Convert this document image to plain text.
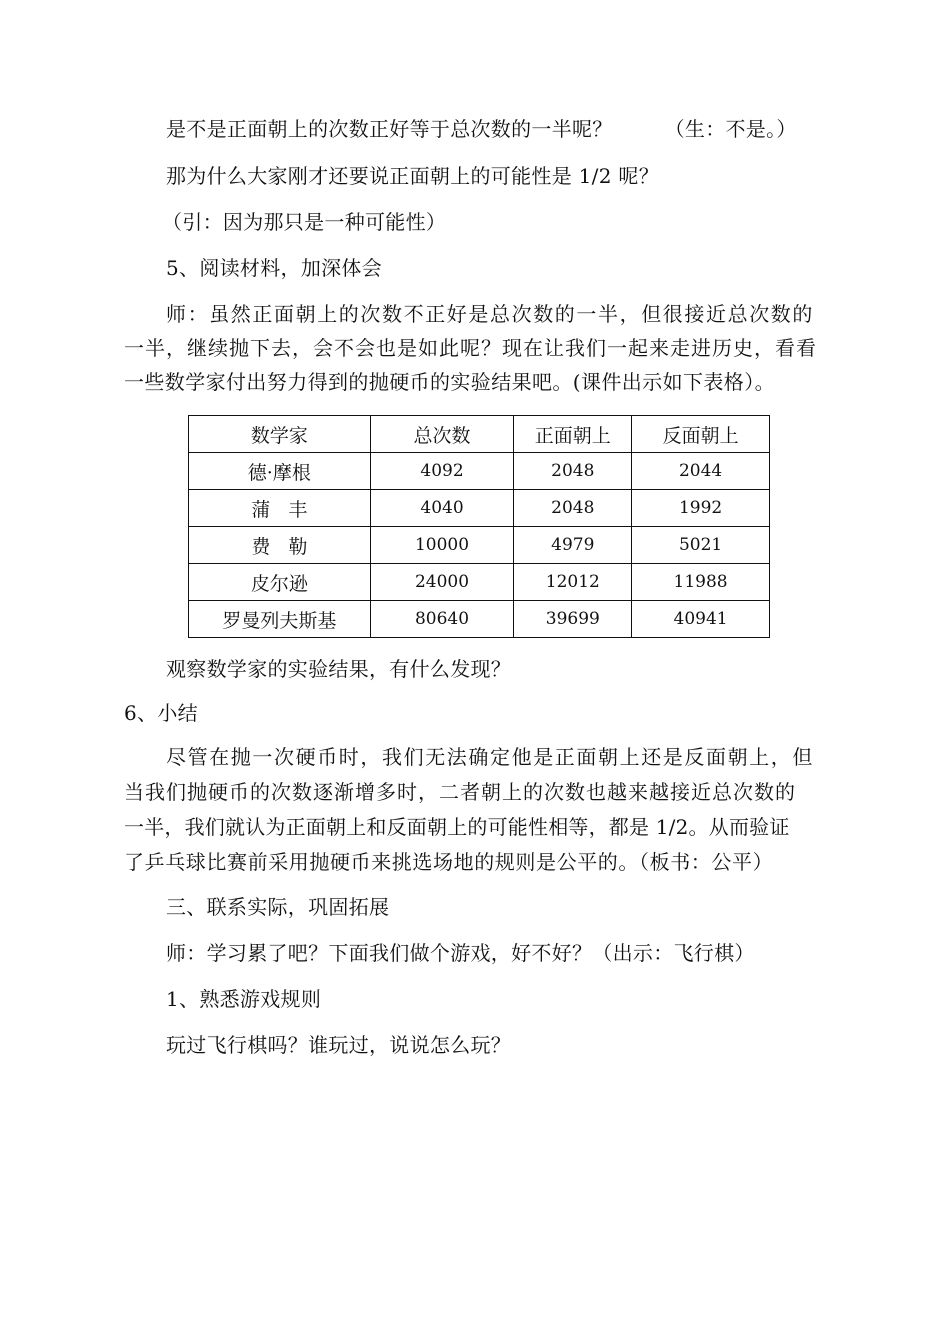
是不是正面朝上的次数正好等于总次数的一半呢？	（生：不是。）
那为什么大家刚才还要说正面朝上的可能性是 1/2 呢？
（引：因为那只是一种可能性）
5、阅读材料，加深体会
师：虽然正面朝上的次数不正好是总次数的一半，但很接近总次数的
一半，继续抛下去，会不会也是如此呢？现在让我们一起来走进历史，看看
一些数学家付出努力得到的抛硬币的实验结果吧。(课件出示如下表格）。
数学家	总次数	正面朝上	反面朝上
德·摩根	4092	2048	2044
蒲丰	4040	2048	1992
费勒	10000	4979	5021
皮尔逊	24000	12012	11988
罗曼列夫斯基	80640	39699	40941
观察数学家的实验结果，有什么发现？
6、小结
尽管在抛一次硬币时，我们无法确定他是正面朝上还是反面朝上，但
当我们抛硬币的次数逐渐增多时，二者朝上的次数也越来越接近总次数的
一半，我们就认为正面朝上和反面朝上的可能性相等，都是 1/2。从而验证
了乒乓球比赛前采用抛硬币来挑选场地的规则是公平的。（板书：公平）
三、联系实际，巩固拓展
师：学习累了吧？下面我们做个游戏，好不好？（出示：飞行棋）
1、熟悉游戏规则
玩过飞行棋吗？谁玩过，说说怎么玩？
